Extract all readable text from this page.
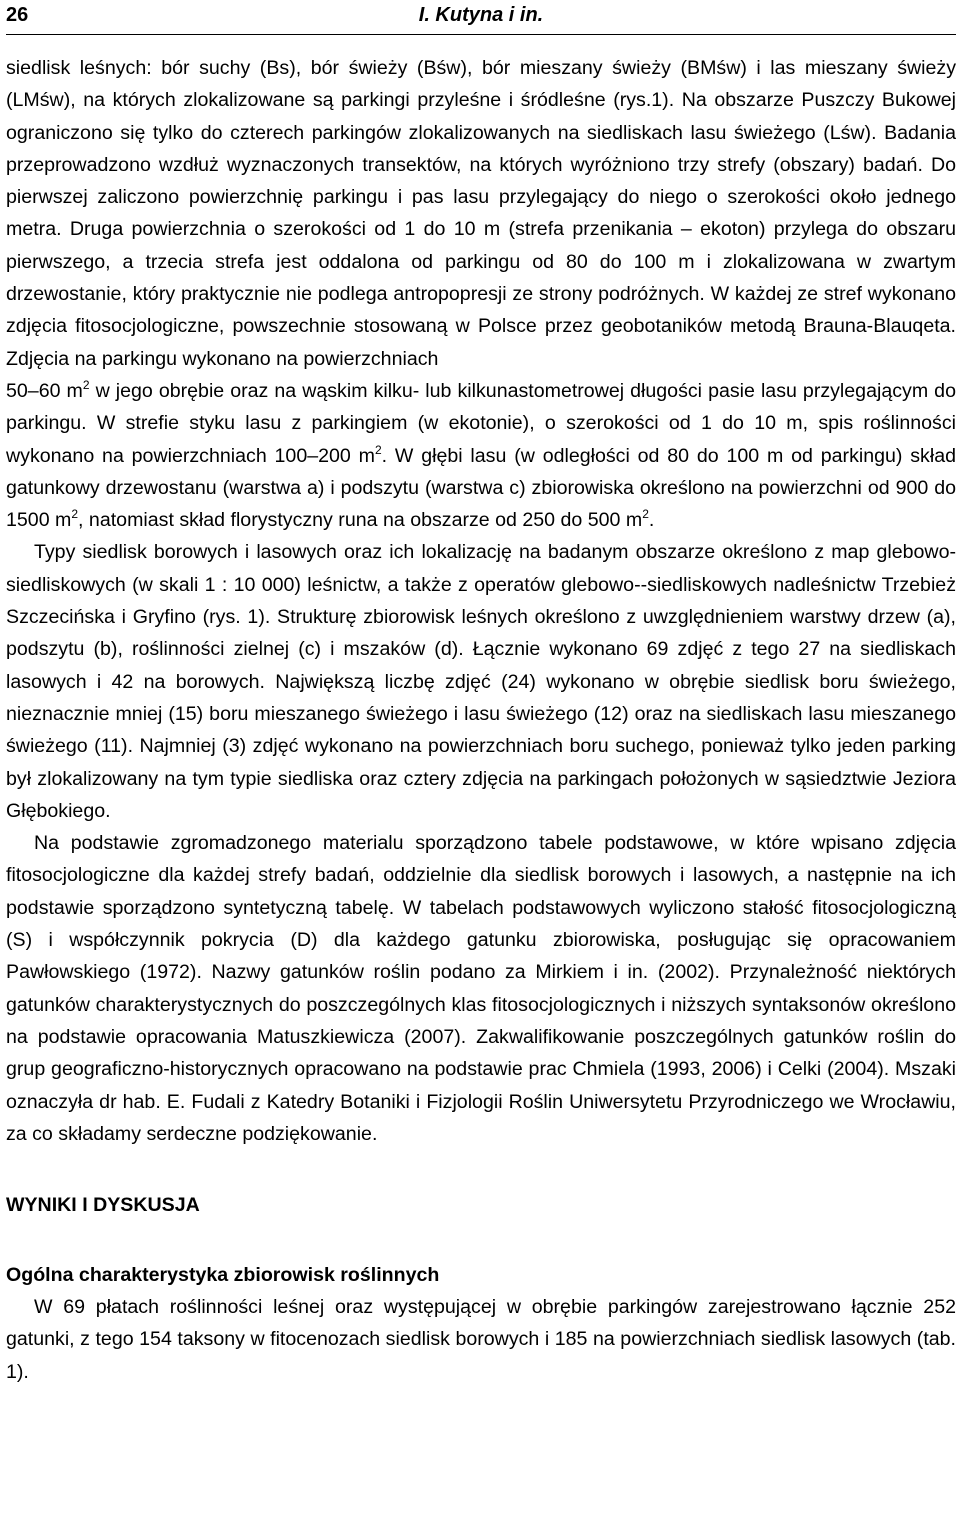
26	I. Kutyna i in.

siedlisk leśnych: bór suchy (Bs), bór świeży (Bśw), bór mieszany świeży (BMśw) i las mieszany świeży (LMśw), na których zlokalizowane są parkingi przyleśne i śródleśne (rys.1). Na obszarze Puszczy Bukowej ograniczono się tylko do czterech parkingów zlokalizowanych na siedliskach lasu świeżego (Lśw). Badania przeprowadzono wzdłuż wyznaczonych transektów, na których wyróżniono trzy strefy (obszary) badań. Do pierwszej zaliczono powierzchnię parkingu i pas lasu przylegający do niego o szerokości około jednego metra. Druga powierzchnia o szerokości od 1 do 10 m (strefa przenikania – ekoton) przylega do obszaru pierwszego, a trzecia strefa jest oddalona od parkingu od 80 do 100 m i zlokalizowana w zwartym drzewostanie, który praktycznie nie podlega antropopresji ze strony podróżnych. W każdej ze stref wykonano zdjęcia fitosocjologiczne, powszechnie stosowaną w Polsce przez geobotaników metodą Brauna-Blauqeta. Zdjęcia na parkingu wykonano na powierzchniach
50–60 $m^2$ w jego obrębie oraz na wąskim kilku- lub kilkunastometrowej długości pasie lasu przylegającym do parkingu. W strefie styku lasu z parkingiem (w ekotonie), o szerokości od 1 do 10 m, spis roślinności wykonano na powierzchniach 100–200 $m^2$. W głębi lasu (w odległości od 80 do 100 m od parkingu) skład gatunkowy drzewostanu (warstwa a) i podszytu (warstwa c) zbiorowiska określono na powierzchni od 900 do 1500 $m^2$, natomiast skład florystyczny runa na obszarze od 250 do 500 $m^2$.

Typy siedlisk borowych i lasowych oraz ich lokalizację na badanym obszarze określono z map glebowo-siedliskowych (w skali 1 : 10 000) leśnictw, a także z operatów glebowo--siedliskowych nadleśnictw Trzebież Szczecińska i Gryfino (rys. 1). Strukturę zbiorowisk leśnych określono z uwzględnieniem warstwy drzew (a), podszytu (b), roślinności zielnej (c) i mszaków (d). Łącznie wykonano 69 zdjęć z tego 27 na siedliskach lasowych i 42 na borowych. Największą liczbę zdjęć (24) wykonano w obrębie siedlisk boru świeżego, nieznacznie mniej (15) boru mieszanego świeżego i lasu świeżego (12) oraz na siedliskach lasu mieszanego świeżego (11). Najmniej (3) zdjęć wykonano na powierzchniach boru suchego, ponieważ tylko jeden parking był zlokalizowany na tym typie siedliska oraz cztery zdjęcia na parkingach położonych w sąsiedztwie Jeziora Głębokiego.

Na podstawie zgromadzonego materialu sporządzono tabele podstawowe, w które wpisano zdjęcia fitosocjologiczne dla każdej strefy badań, oddzielnie dla siedlisk borowych i lasowych, a następnie na ich podstawie sporządzono syntetyczną tabelę. W tabelach podstawowych wyliczono stałość fitosocjologiczną (S) i współczynnik pokrycia (D) dla każdego gatunku zbiorowiska, posługując się opracowaniem Pawłowskiego (1972). Nazwy gatunków roślin podano za Mirkiem i in. (2002). Przynależność niektórych gatunków charakterystycznych do poszczególnych klas fitosocjologicznych i niższych syntaksonów określono na podstawie opracowania Matuszkiewicza (2007). Zakwalifikowanie poszczególnych gatunków roślin do grup geograficzno-historycznych opracowano na podstawie prac Chmiela (1993, 2006) i Celki (2004). Mszaki oznaczyła dr hab. E. Fudali z Katedry Botaniki i Fizjologii Roślin Uniwersytetu Przyrodniczego we Wrocławiu, za co składamy serdeczne podziękowanie.

WYNIKI I DYSKUSJA
Ogólna charakterystyka zbiorowisk roślinnych

W 69 płatach roślinności leśnej oraz występującej w obrębie parkingów zarejestrowano łącznie 252 gatunki, z tego 154 taksony w fitocenozach siedlisk borowych i 185 na powierzchniach siedlisk lasowych (tab. 1).
